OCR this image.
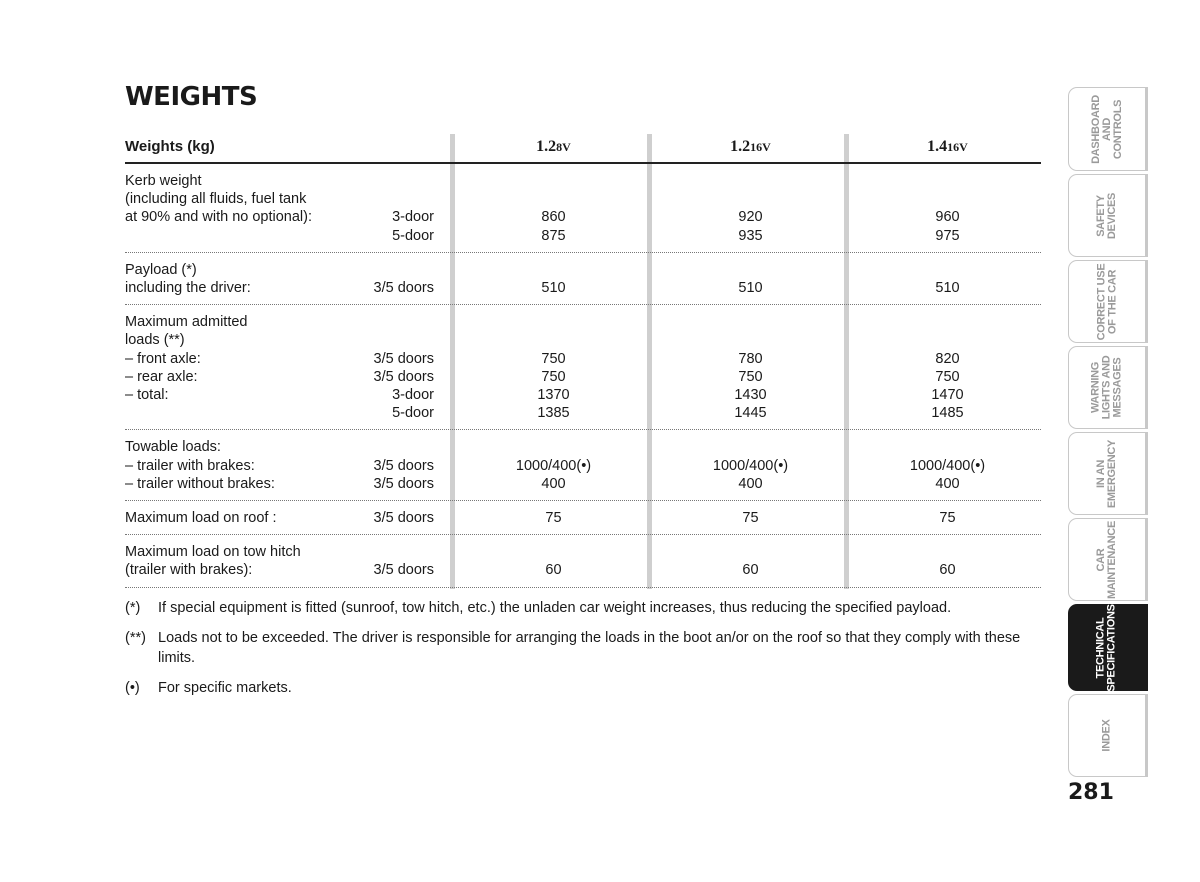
WEIGHTS
Weights (kg)	1.28V	1.216V	1.416V
Kerb weight
(including all fluids, fuel tank
at 90% and with no optional):	3-door	860	920	960
5-door	875	935	975
Payload (*)
including the driver:	3/5 doors	510	510	510
Maximum admitted
loads (**)
– front axle:	3/5 doors	750	780	820
– rear axle:	3/5 doors	750	750	750
– total:	3-door	1370	1430	1470
5-door	1385	1445	1485
Towable loads:
– trailer with brakes:	3/5 doors	1000/400(•)	1000/400(•)	1000/400(•)
– trailer without brakes:	3/5 doors	400	400	400
Maximum load on roof :	3/5 doors	75	75	75
Maximum load on tow hitch
(trailer with brakes):	3/5 doors	60	60	60
(*) If special equipment is fitted (sunroof, tow hitch, etc.) the unladen car weight increases, thus reducing the specified payload.
(**) Loads not to be exceeded. The driver is responsible for arranging the loads in the boot an/or on the roof so that they comply with these limits.
(•) For specific markets.
DASHBOARD
AND
CONTROLS
SAFETY
DEVICES
CORRECT USE
OF THE CAR
WARNING
LIGHTS AND
MESSAGES
IN AN
EMERGENCY
CAR
MAINTENANCE
TECHNICAL
SPECIFICATIONS
INDEX
281
